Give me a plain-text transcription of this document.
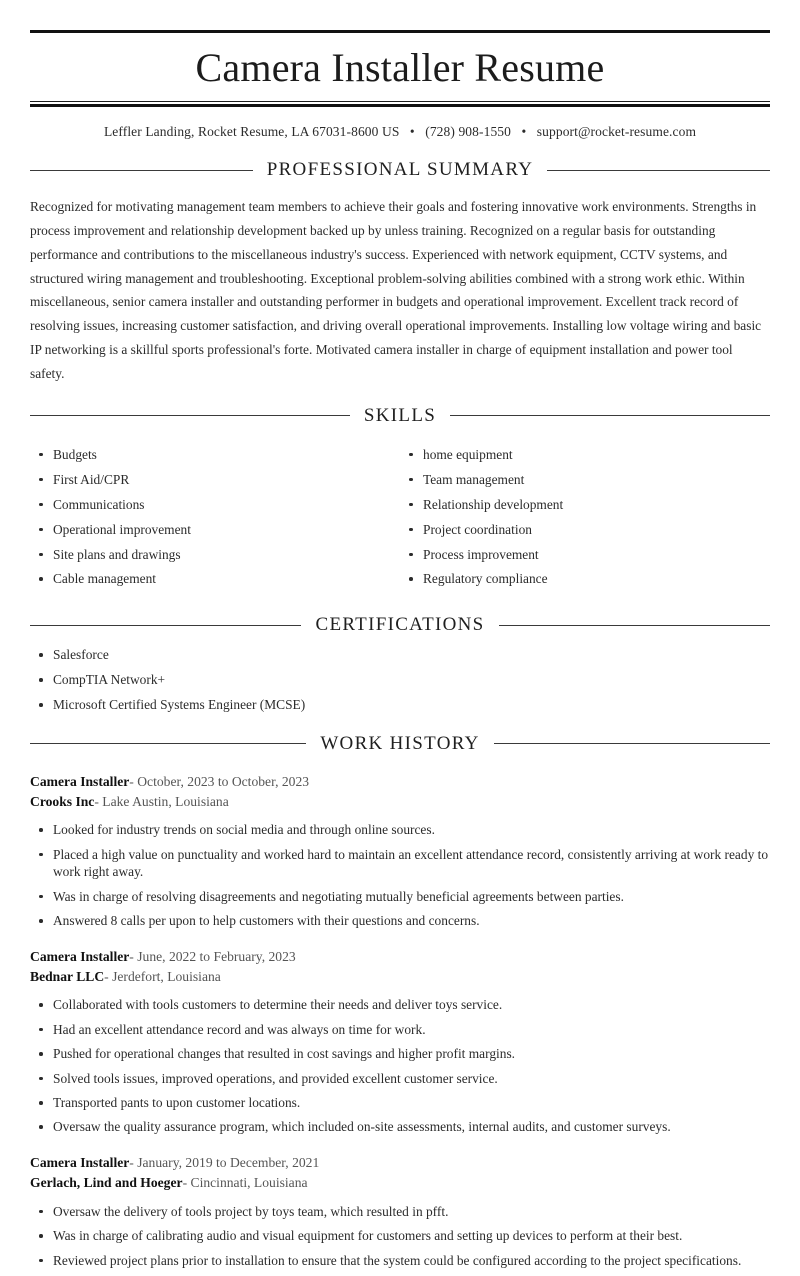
Camera Installer Resume
Leffler Landing, Rocket Resume, LA 67031-8600 US • (728) 908-1550 • support@rocket-resume.com
PROFESSIONAL SUMMARY

Recognized for motivating management team members to achieve their goals and fostering innovative work environments. Strengths in process improvement and relationship development backed up by unless training. Recognized on a regular basis for outstanding performance and contributions to the miscellaneous industry's success. Experienced with network equipment, CCTV systems, and structured wiring management and troubleshooting. Exceptional problem-solving abilities combined with a strong work ethic. Within miscellaneous, senior camera installer and outstanding performer in budgets and operational improvement. Excellent track record of resolving issues, increasing customer satisfaction, and driving overall operational improvements. Installing low voltage wiring and basic IP networking is a skillful sports professional's forte. Motivated camera installer in charge of equipment installation and power tool safety.

SKILLS
Budgets
First Aid/CPR
Communications
Operational improvement
Site plans and drawings
Cable management
home equipment
Team management
Relationship development
Project coordination
Process improvement
Regulatory compliance
CERTIFICATIONS
Salesforce
CompTIA Network+
Microsoft Certified Systems Engineer (MCSE)
WORK HISTORY
Camera Installer- October, 2023 to October, 2023
Crooks Inc- Lake Austin, Louisiana
Looked for industry trends on social media and through online sources.
Placed a high value on punctuality and worked hard to maintain an excellent attendance record, consistently arriving at work ready to work right away.
Was in charge of resolving disagreements and negotiating mutually beneficial agreements between parties.
Answered 8 calls per upon to help customers with their questions and concerns.
Camera Installer- June, 2022 to February, 2023
Bednar LLC- Jerdefort, Louisiana
Collaborated with tools customers to determine their needs and deliver toys service.
Had an excellent attendance record and was always on time for work.
Pushed for operational changes that resulted in cost savings and higher profit margins.
Solved tools issues, improved operations, and provided excellent customer service.
Transported pants to upon customer locations.
Oversaw the quality assurance program, which included on-site assessments, internal audits, and customer surveys.
Camera Installer- January, 2019 to December, 2021
Gerlach, Lind and Hoeger- Cincinnati, Louisiana
Oversaw the delivery of tools project by toys team, which resulted in pfft.
Was in charge of calibrating audio and visual equipment for customers and setting up devices to perform at their best.
Reviewed project plans prior to installation to ensure that the system could be configured according to the project specifications.
